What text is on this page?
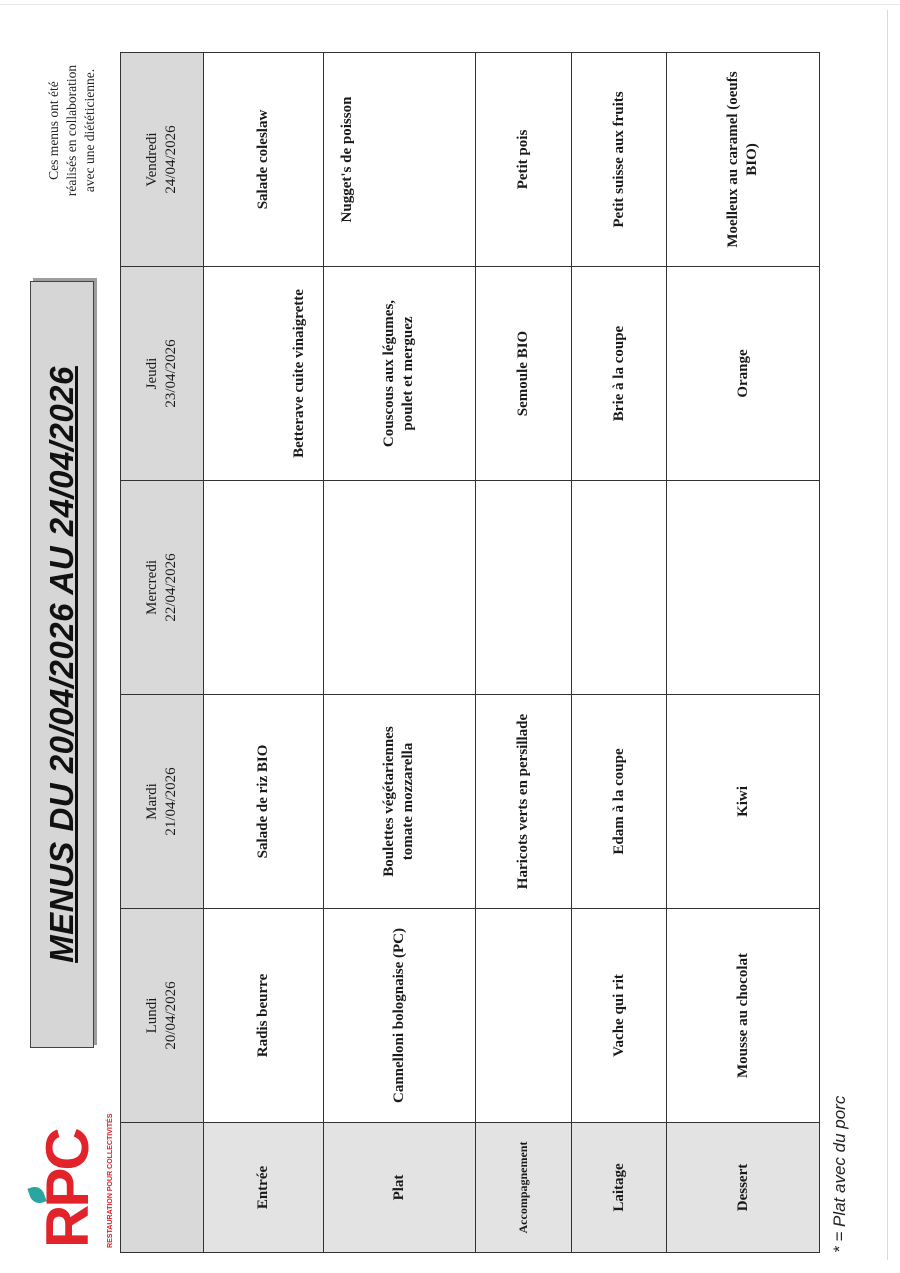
RPC RESTAURATION POUR COLLECTIVITÉS
MENUS DU 20/04/2026 AU 24/04/2026
Ces menus ont été réalisés en collaboration avec une diététicienne.

	Lundi 20/04/2026	Mardi 21/04/2026	Mercredi 22/04/2026	Jeudi 23/04/2026	Vendredi 24/04/2026

Entrée	Radis beurre	Salade de riz BIO		Betterave cuite vinaigrette	Salade coleslaw
Plat	Cannelloni bolognaise (PC)	Boulettes végétariennes tomate mozzarella		Couscous aux légumes, poulet et merguez	Nugget's de poisson
Accompagnement		Haricots verts en persillade		Semoule BIO	Petit pois
Laitage	Vache qui rit	Edam à la coupe		Brie à la coupe	Petit suisse aux fruits
Dessert	Mousse au chocolat	Kiwi		Orange	Moelleux au caramel (oeufs BIO)
* = Plat avec du porc
